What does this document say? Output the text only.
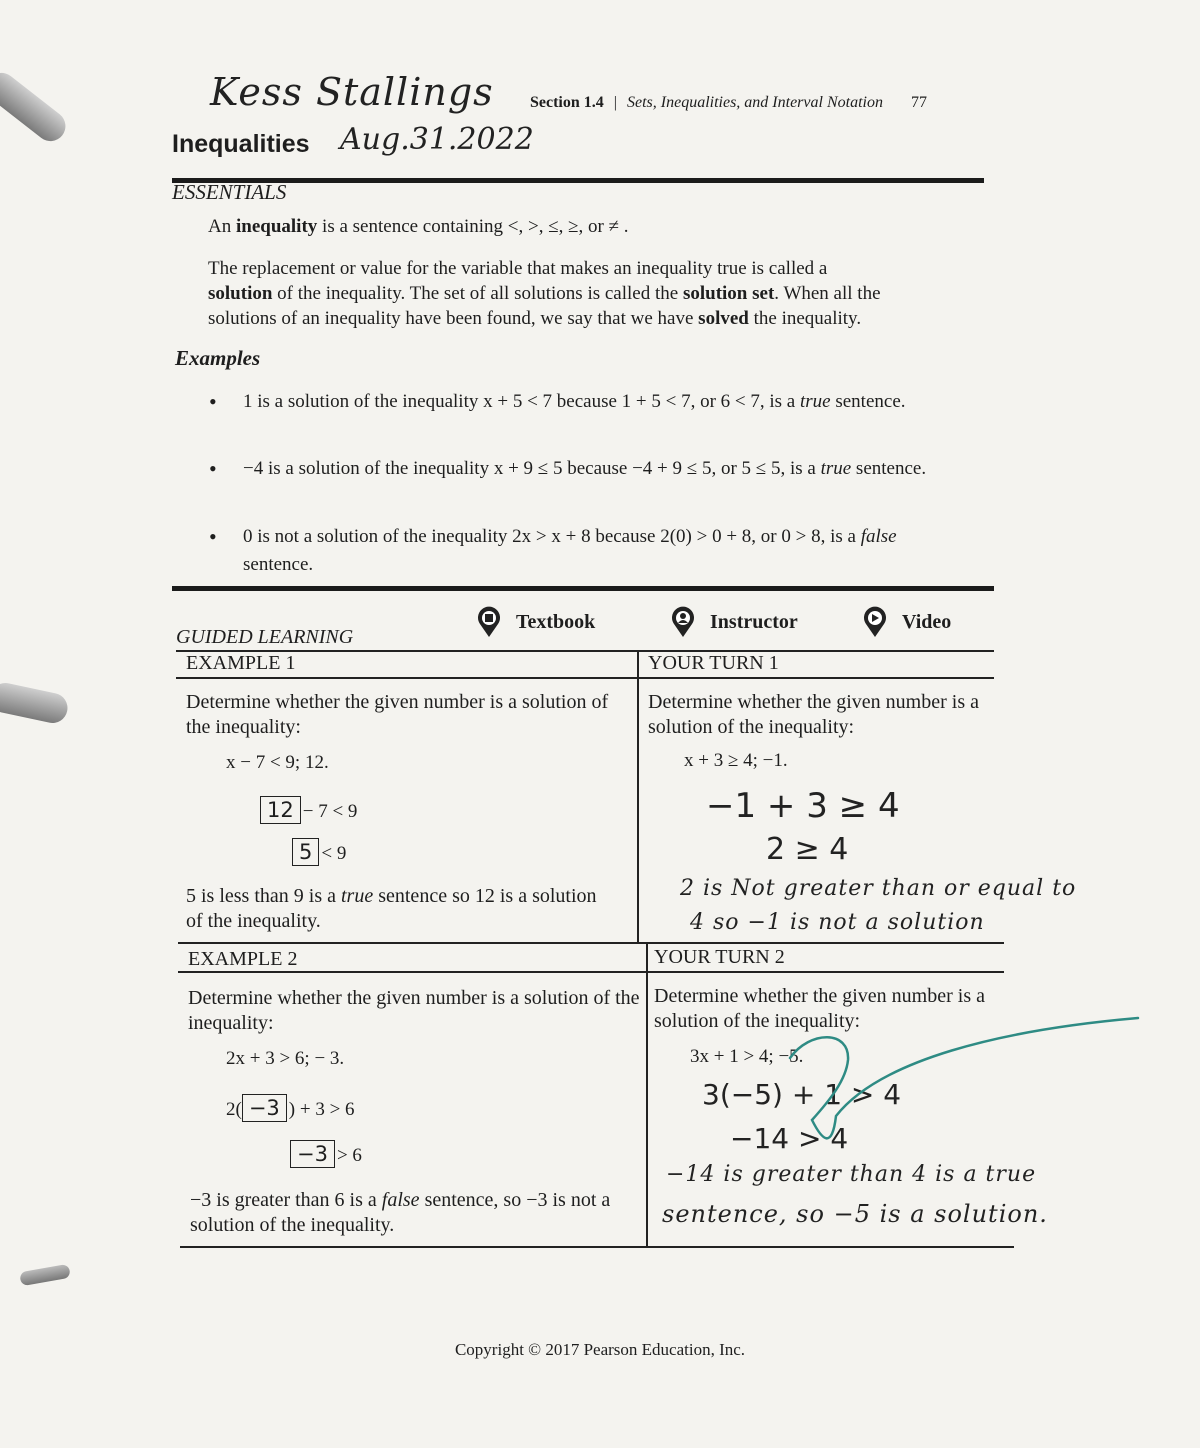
Kess Stallings
Aug.31.2022
Section 1.4 | Sets, Inequalities, and Interval Notation 77
Inequalities
ESSENTIALS
An inequality is a sentence containing <, >, ≤, ≥, or ≠ .
The replacement or value for the variable that makes an inequality true is called a
solution of the inequality. The set of all solutions is called the solution set. When all the
solutions of an inequality have been found, we say that we have solved the inequality.
Examples
• 1 is a solution of the inequality x + 5 < 7 because 1 + 5 < 7, or 6 < 7, is a true sentence.
• −4 is a solution of the inequality x + 9 ≤ 5 because −4 + 9 ≤ 5, or 5 ≤ 5, is a true sentence.
• 0 is not a solution of the inequality 2x > x + 8 because 2(0) > 0 + 8, or 0 > 8, is a false sentence.
GUIDED LEARNING
Textbook	Instructor	Video
EXAMPLE 1
Determine whether the given number is a solution of the inequality:
x − 7 < 9; 12.
12 − 7 < 9
5 < 9
5 is less than 9 is a true sentence so 12 is a solution of the inequality.
YOUR TURN 1
Determine whether the given number is a solution of the inequality:
x + 3 ≥ 4; −1.
−1 + 3 ≥ 4
2 ≥ 4
2 is Not greater than or equal to
4 so −1 is not a solution
EXAMPLE 2
Determine whether the given number is a solution of the inequality:
2x + 3 > 6; − 3.
2( −3 ) + 3 > 6
−3 > 6
−3 is greater than 6 is a false sentence, so −3 is not a solution of the inequality.
YOUR TURN 2
Determine whether the given number is a solution of the inequality:
3x + 1 > 4; −5.
3(−5) + 1 > 4
−14 > 4
−14 is greater than 4 is a true
sentence, so −5 is a solution.
Copyright © 2017 Pearson Education, Inc.
